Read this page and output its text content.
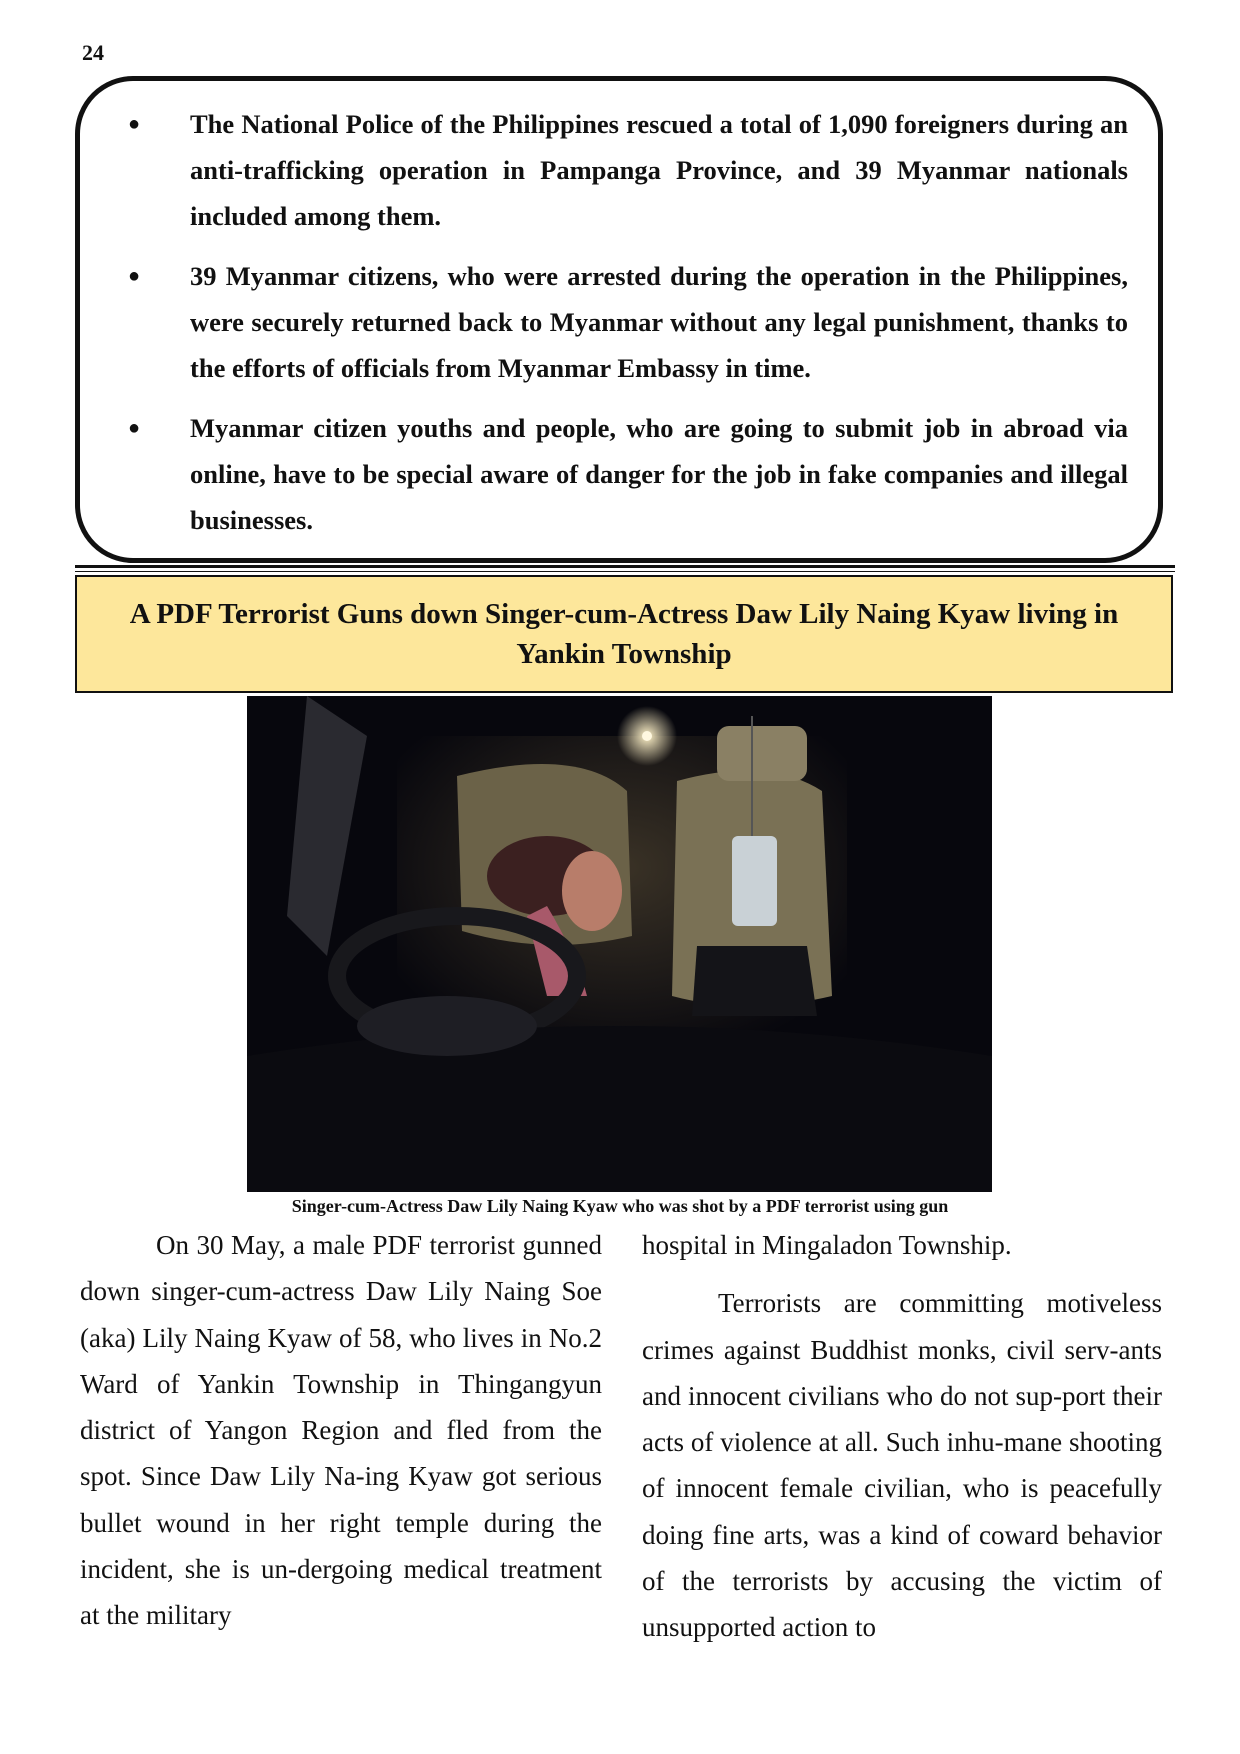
24
● The National Police of the Philippines rescued a total of 1,090 foreigners during an anti-trafficking operation in Pampanga Province, and 39 Myanmar nationals included among them.
● 39 Myanmar citizens, who were arrested during the operation in the Philippines, were securely returned back to Myanmar without any legal punishment, thanks to the efforts of officials from Myanmar Embassy in time.
● Myanmar citizen youths and people, who are going to submit job in abroad via online, have to be special aware of danger for the job in fake companies and illegal businesses.
A PDF Terrorist Guns down Singer-cum-Actress Daw Lily Naing Kyaw living in Yankin Township
Singer-cum-Actress Daw Lily Naing Kyaw who was shot by a PDF terrorist using gun

On 30 May, a male PDF terrorist gunned down singer-cum-actress Daw Lily Naing Soe (aka) Lily Naing Kyaw of 58, who lives in No.2 Ward of Yankin Township in Thingangyun district of Yangon Region and fled from the spot. Since Daw Lily Na-ing Kyaw got serious bullet wound in her right temple during the incident, she is un-dergoing medical treatment at the military

hospital in Mingaladon Township.

Terrorists are committing motiveless crimes against Buddhist monks, civil serv-ants and innocent civilians who do not sup-port their acts of violence at all. Such inhu-mane shooting of innocent female civilian, who is peacefully doing fine arts, was a kind of coward behavior of the terrorists by accusing the victim of unsupported action to
